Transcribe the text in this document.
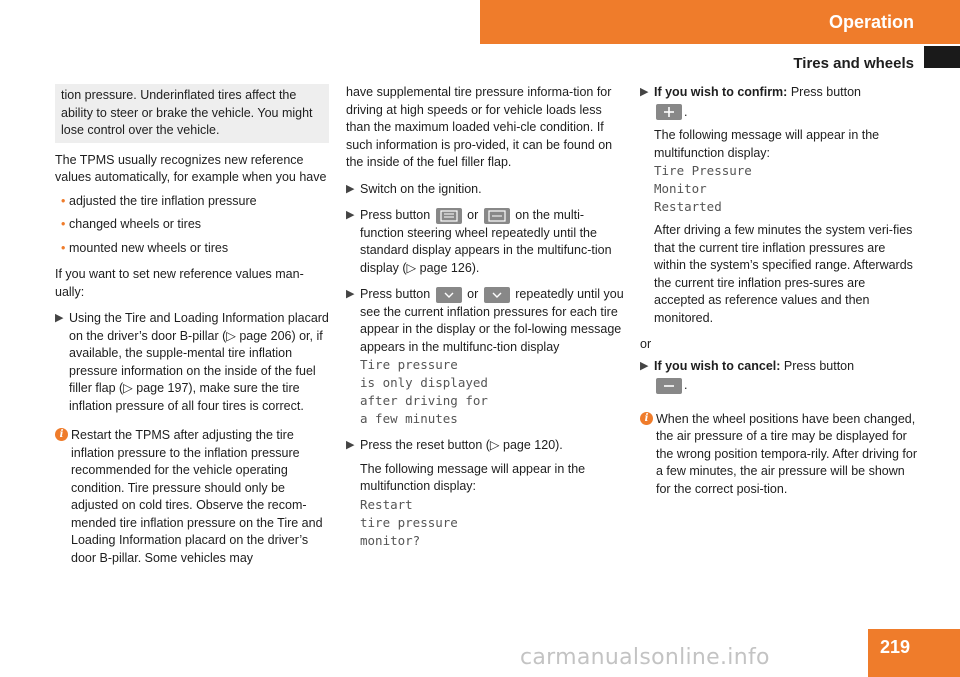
Operation
Tires and wheels

tion pressure. Underinflated tires affect the ability to steer or brake the vehicle. You might lose control over the vehicle.

The TPMS usually recognizes new reference values automatically, for example when you have

• adjusted the tire inflation pressure
• changed wheels or tires
• mounted new wheels or tires

If you want to set new reference values man-ually:

▶ Using the Tire and Loading Information placard on the driver’s door B-pillar (▷ page 206) or, if available, the supple-mental tire inflation pressure information on the inside of the fuel filler flap (▷ page 197), make sure the tire inflation pressure of all four tires is correct.
i Restart the TPMS after adjusting the tire inflation pressure to the inflation pressure recommended for the vehicle operating condition. Tire pressure should only be adjusted on cold tires. Observe the recom-mended tire inflation pressure on the Tire and Loading Information placard on the driver’s door B-pillar. Some vehicles may

have supplemental tire pressure informa-tion for driving at high speeds or for vehicle loads less than the maximum loaded vehi-cle condition. If such information is pro-vided, it can be found on the inside of the fuel filler flap.

▶ Switch on the ignition.
▶ Press button	or	on the multi-function steering wheel repeatedly until the standard display appears in the multifunc-tion display (▷ page 126).
▶ Press button	or	repeatedly until you see the current inflation pressures for each tire appear in the display or the fol-lowing message appears in the multifunc-tion display
Tire pressure
is only displayed
after driving for
a few minutes
▶ Press the reset button (▷ page 120).

The following message will appear in the multifunction display:

Restart
tire pressure
monitor?
▶ If you wish to confirm: Press button
.

The following message will appear in the multifunction display:

Tire Pressure
Monitor
Restarted

After driving a few minutes the system veri-fies that the current tire inflation pressures are within the system’s specified range. Afterwards the current tire inflation pres-sures are accepted as reference values and then monitored.

or

▶ If you wish to cancel: Press button
.
i When the wheel positions have been changed, the air pressure of a tire may be displayed for the wrong position tempora-rily. After driving for a few minutes, the air pressure will be shown for the correct posi-tion.
219
carmanualsonline.info
